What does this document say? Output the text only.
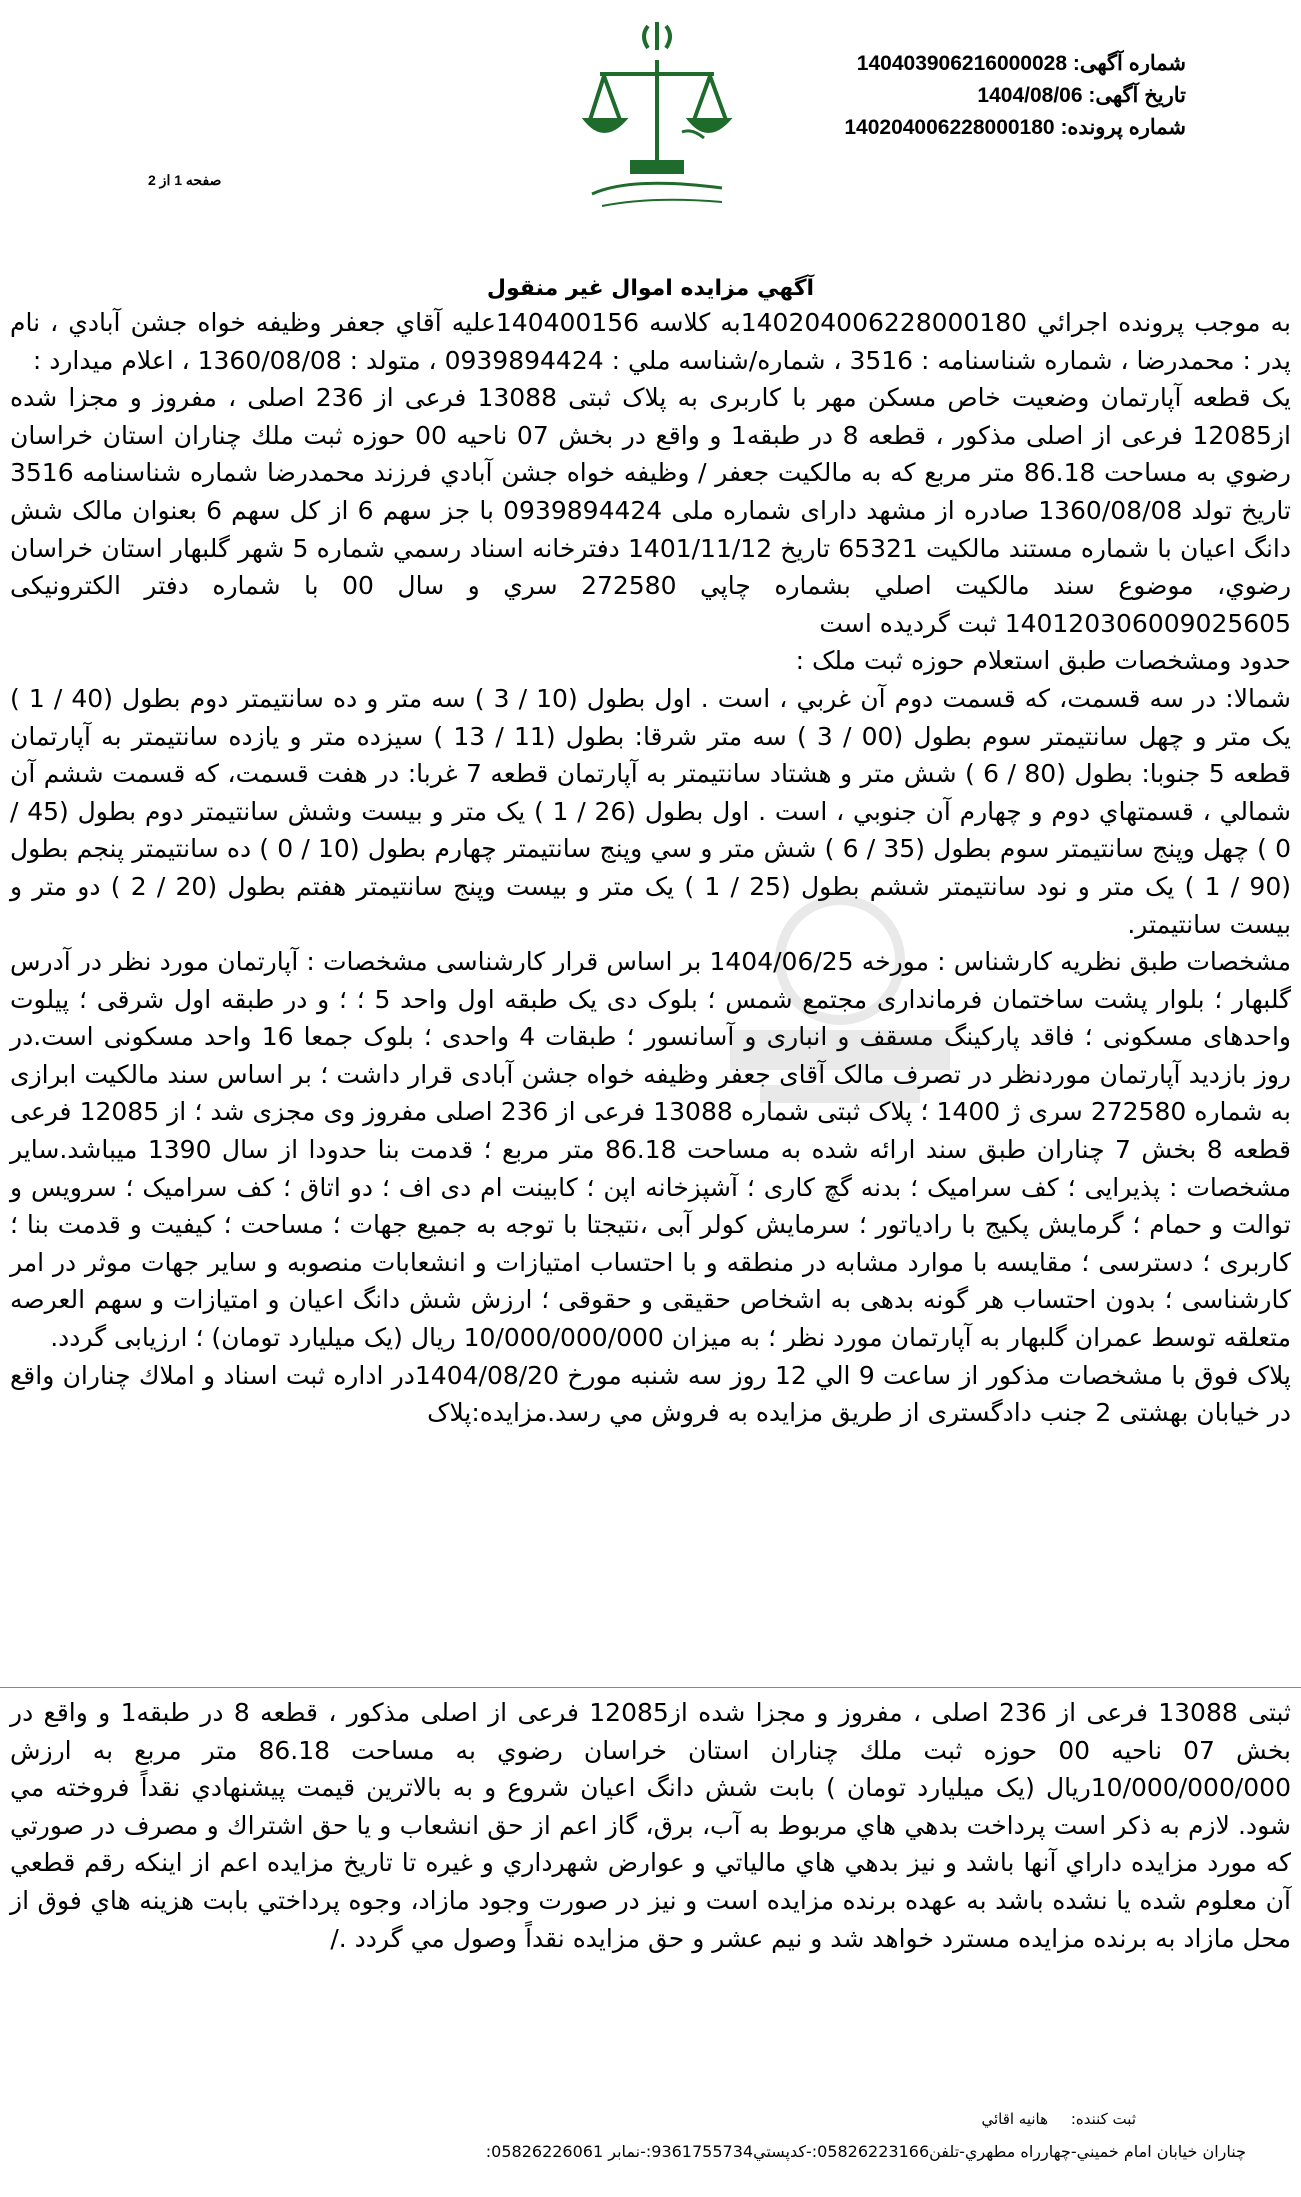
شماره آگهی: 140403906216000028
تاریخ آگهی: 1404/08/06
شماره پرونده: 140204006228000180
صفحه 1 از 2
آگهي مزايده اموال غير منقول

به موجب پرونده اجرائي 140204006228000180به كلاسه 140400156عليه آقاي جعفر وظيفه خواه جشن آبادي ، نام پدر : محمدرضا ، شماره شناسنامه : 3516 ، شماره/شناسه ملي : 0939894424 ، متولد : 1360/08/08 ، اعلام ميدارد :

يک قطعه آپارتمان وضعیت خاص مسکن مهر با کاربری به پلاک ثبتی 13088 فرعی از 236 اصلی ، مفروز و مجزا شده از12085 فرعی از اصلی مذکور ، قطعه 8 در طبقه1 و واقع در بخش 07 ناحيه 00 حوزه ثبت ملك چناران استان خراسان رضوي به مساحت 86.18 متر مربع كه به مالكيت جعفر / وظيفه خواه جشن آبادي فرزند محمدرضا شماره شناسنامه 3516 تاريخ تولد 1360/08/08 صادره از مشهد دارای شماره ملی 0939894424 با جز سهم 6 از كل سهم 6 بعنوان مالک شش دانگ اعيان با شماره مستند مالكيت 65321 تاريخ 1401/11/12 دفترخانه اسناد رسمي شماره 5 شهر گلبهار استان خراسان رضوي، موضوع سند مالكيت اصلي بشماره چاپي 272580 سري و سال 00 با شماره دفتر الکترونیکی 140120306009025605 ثبت گرديده است

حدود ومشخصات طبق استعلام حوزه ثبت ملک :

شمالا: در سه قسمت، كه قسمت دوم آن غربي ، است . اول بطول (10 / 3 ) سه متر و ده سانتيمتر دوم بطول (40 / 1 ) يک متر و چهل سانتيمتر سوم بطول (00 / 3 ) سه متر شرقا: بطول (11 / 13 ) سيزده متر و يازده سانتيمتر به آپارتمان قطعه 5 جنوبا: بطول (80 / 6 ) شش متر و هشتاد سانتيمتر به آپارتمان قطعه 7 غربا: در هفت قسمت، كه قسمت ششم آن شمالي ، قسمتهاي دوم و چهارم آن جنوبي ، است . اول بطول (26 / 1 ) يک متر و بيست وشش سانتيمتر دوم بطول (45 / 0 ) چهل وپنج سانتيمتر سوم بطول (35 / 6 ) شش متر و سي وپنج سانتيمتر چهارم بطول (10 / 0 ) ده سانتيمتر پنجم بطول (90 / 1 ) يک متر و نود سانتيمتر ششم بطول (25 / 1 ) يک متر و بيست وپنج سانتيمتر هفتم بطول (20 / 2 ) دو متر و بيست سانتيمتر.

مشخصات طبق نظریه کارشناس : مورخه 1404/06/25 بر اساس قرار کارشناسی مشخصات : آپارتمان مورد نظر در آدرس گلبهار ؛ بلوار پشت ساختمان فرمانداری مجتمع شمس ؛ بلوک دی یک طبقه اول واحد 5 ؛ ؛ و در طبقه اول شرقی ؛ پیلوت واحدهای مسکونی ؛ فاقد پارکینگ مسقف و انباری و آسانسور ؛ طبقات 4 واحدی ؛ بلوک جمعا 16 واحد مسکونی است.در روز بازدید آپارتمان موردنظر در تصرف مالک آقای جعفر وظیفه خواه جشن آبادی قرار داشت ؛ بر اساس سند مالکیت ابرازی به شماره 272580 سری ژ 1400 ؛ پلاک ثبتی شماره 13088 فرعی از 236 اصلی مفروز وی مجزی شد ؛ از 12085 فرعی قطعه 8 بخش 7 چناران طبق سند ارائه شده به مساحت 86.18 متر مربع ؛ قدمت بنا حدودا از سال 1390 میباشد.سایر مشخصات : پذیرایی ؛ کف سرامیک ؛ بدنه گچ کاری ؛ آشپزخانه اپن ؛ کابینت ام دی اف ؛ دو اتاق ؛ کف سرامیک ؛ سرویس و توالت و حمام ؛ گرمایش پکیج با رادیاتور ؛ سرمایش کولر آبی ،نتیجتا با توجه به جمیع جهات ؛ مساحت ؛ کیفیت و قدمت بنا ؛ کاربری ؛ دسترسی ؛ مقایسه با موارد مشابه در منطقه و با احتساب امتیازات و انشعابات منصوبه و سایر جهات موثر در امر کارشناسی ؛ بدون احتساب هر گونه بدهی به اشخاص حقیقی و حقوقی ؛ ارزش شش دانگ اعیان و امتیازات و سهم العرصه متعلقه توسط عمران گلبهار به آپارتمان مورد نظر ؛ به میزان 10/000/000/000 ریال (یک میلیارد تومان) ؛ ارزیابی گردد.

پلاک فوق با مشخصات مذكور از ساعت 9 الي 12 روز سه شنبه مورخ 1404/08/20در اداره ثبت اسناد و املاك چناران واقع در خیابان بهشتی 2 جنب دادگستری از طريق مزايده به فروش مي رسد.مزايده:پلاک

ثبتی 13088 فرعی از 236 اصلی ، مفروز و مجزا شده از12085 فرعی از اصلی مذکور ، قطعه 8 در طبقه1 و واقع در بخش 07 ناحيه 00 حوزه ثبت ملك چناران استان خراسان رضوي به مساحت 86.18 متر مربع به ارزش 10/000/000/000ريال (یک میلیارد تومان ) بابت شش دانگ اعيان شروع و به بالاترين قيمت پيشنهادي نقداً فروخته مي شود. لازم به ذكر است پرداخت بدهي هاي مربوط به آب، برق، گاز اعم از حق انشعاب و يا حق اشتراك و مصرف در صورتي كه مورد مزايده داراي آنها باشد و نيز بدهي هاي مالياتي و عوارض شهرداري و غيره تا تاريخ مزايده اعم از اينكه رقم قطعي آن معلوم شده يا نشده باشد به عهده برنده مزايده است و نيز در صورت وجود مازاد، وجوه پرداختي بابت هزينه هاي فوق از محل مازاد به برنده مزايده مسترد خواهد شد و نيم عشر و حق مزايده نقداً وصول مي گردد ./
ثبت كننده: هانيه اقائي
چناران خيابان امام خميني-چهارراه مطهري-تلفن05826223166:-کدپستي9361755734:-نمابر 05826226061:
